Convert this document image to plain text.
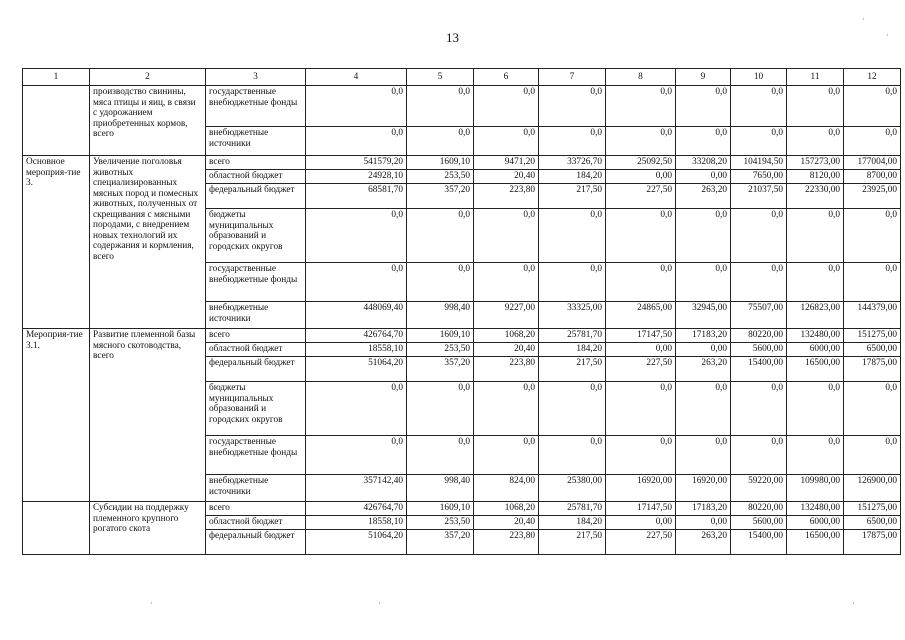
13
1	2	3	4	5	6	7	8	9	10	11	12
	производство свинины, мяса птицы и яиц, в связи с удорожанием приобретенных кормов, всего	государственные внебюджетные фонды	0,0	0,0	0,0	0,0	0,0	0,0	0,0	0,0	0,0
		внебюджетные источники	0,0	0,0	0,0	0,0	0,0	0,0	0,0	0,0	0,0
Основное мероприя-тие 3.	Увеличение поголовья животных специализированных мясных пород и помесных животных, полученных от скрещивания с мясными породами, с внедрением новых технологий их содержания и кормления, всего	всего	541579,20	1609,10	9471,20	33726,70	25092,50	33208,20	104194,50	157273,00	177004,00
		областной бюджет	24928,10	253,50	20,40	184,20	0,00	0,00	7650,00	8120,00	8700,00
		федеральный бюджет	68581,70	357,20	223,80	217,50	227,50	263,20	21037,50	22330,00	23925,00
		бюджеты муниципальных образований и городских округов	0,0	0,0	0,0	0,0	0,0	0,0	0,0	0,0	0,0
		государственные внебюджетные фонды	0,0	0,0	0,0	0,0	0,0	0,0	0,0	0,0	0,0
		внебюджетные источники	448069,40	998,40	9227,00	33325,00	24865,00	32945,00	75507,00	126823,00	144379,00
Мероприя-тие 3.1.	Развитие племенной базы мясного скотоводства, всего	всего	426764,70	1609,10	1068,20	25781,70	17147,50	17183,20	80220,00	132480,00	151275,00
		областной бюджет	18558,10	253,50	20,40	184,20	0,00	0,00	5600,00	6000,00	6500,00
		федеральный бюджет	51064,20	357,20	223,80	217,50	227,50	263,20	15400,00	16500,00	17875,00
		бюджеты муниципальных образований и городских округов	0,0	0,0	0,0	0,0	0,0	0,0	0,0	0,0	0,0
		государственные внебюджетные фонды	0,0	0,0	0,0	0,0	0,0	0,0	0,0	0,0	0,0
		внебюджетные источники	357142,40	998,40	824,00	25380,00	16920,00	16920,00	59220,00	109980,00	126900,00
	Субсидии на поддержку племенного крупного рогатого скота	всего	426764,70	1609,10	1068,20	25781,70	17147,50	17183,20	80220,00	132480,00	151275,00
		областной бюджет	18558,10	253,50	20,40	184,20	0,00	0,00	5600,00	6000,00	6500,00
		федеральный бюджет	51064,20	357,20	223,80	217,50	227,50	263,20	15400,00	16500,00	17875,00
·
·
·	·	·
